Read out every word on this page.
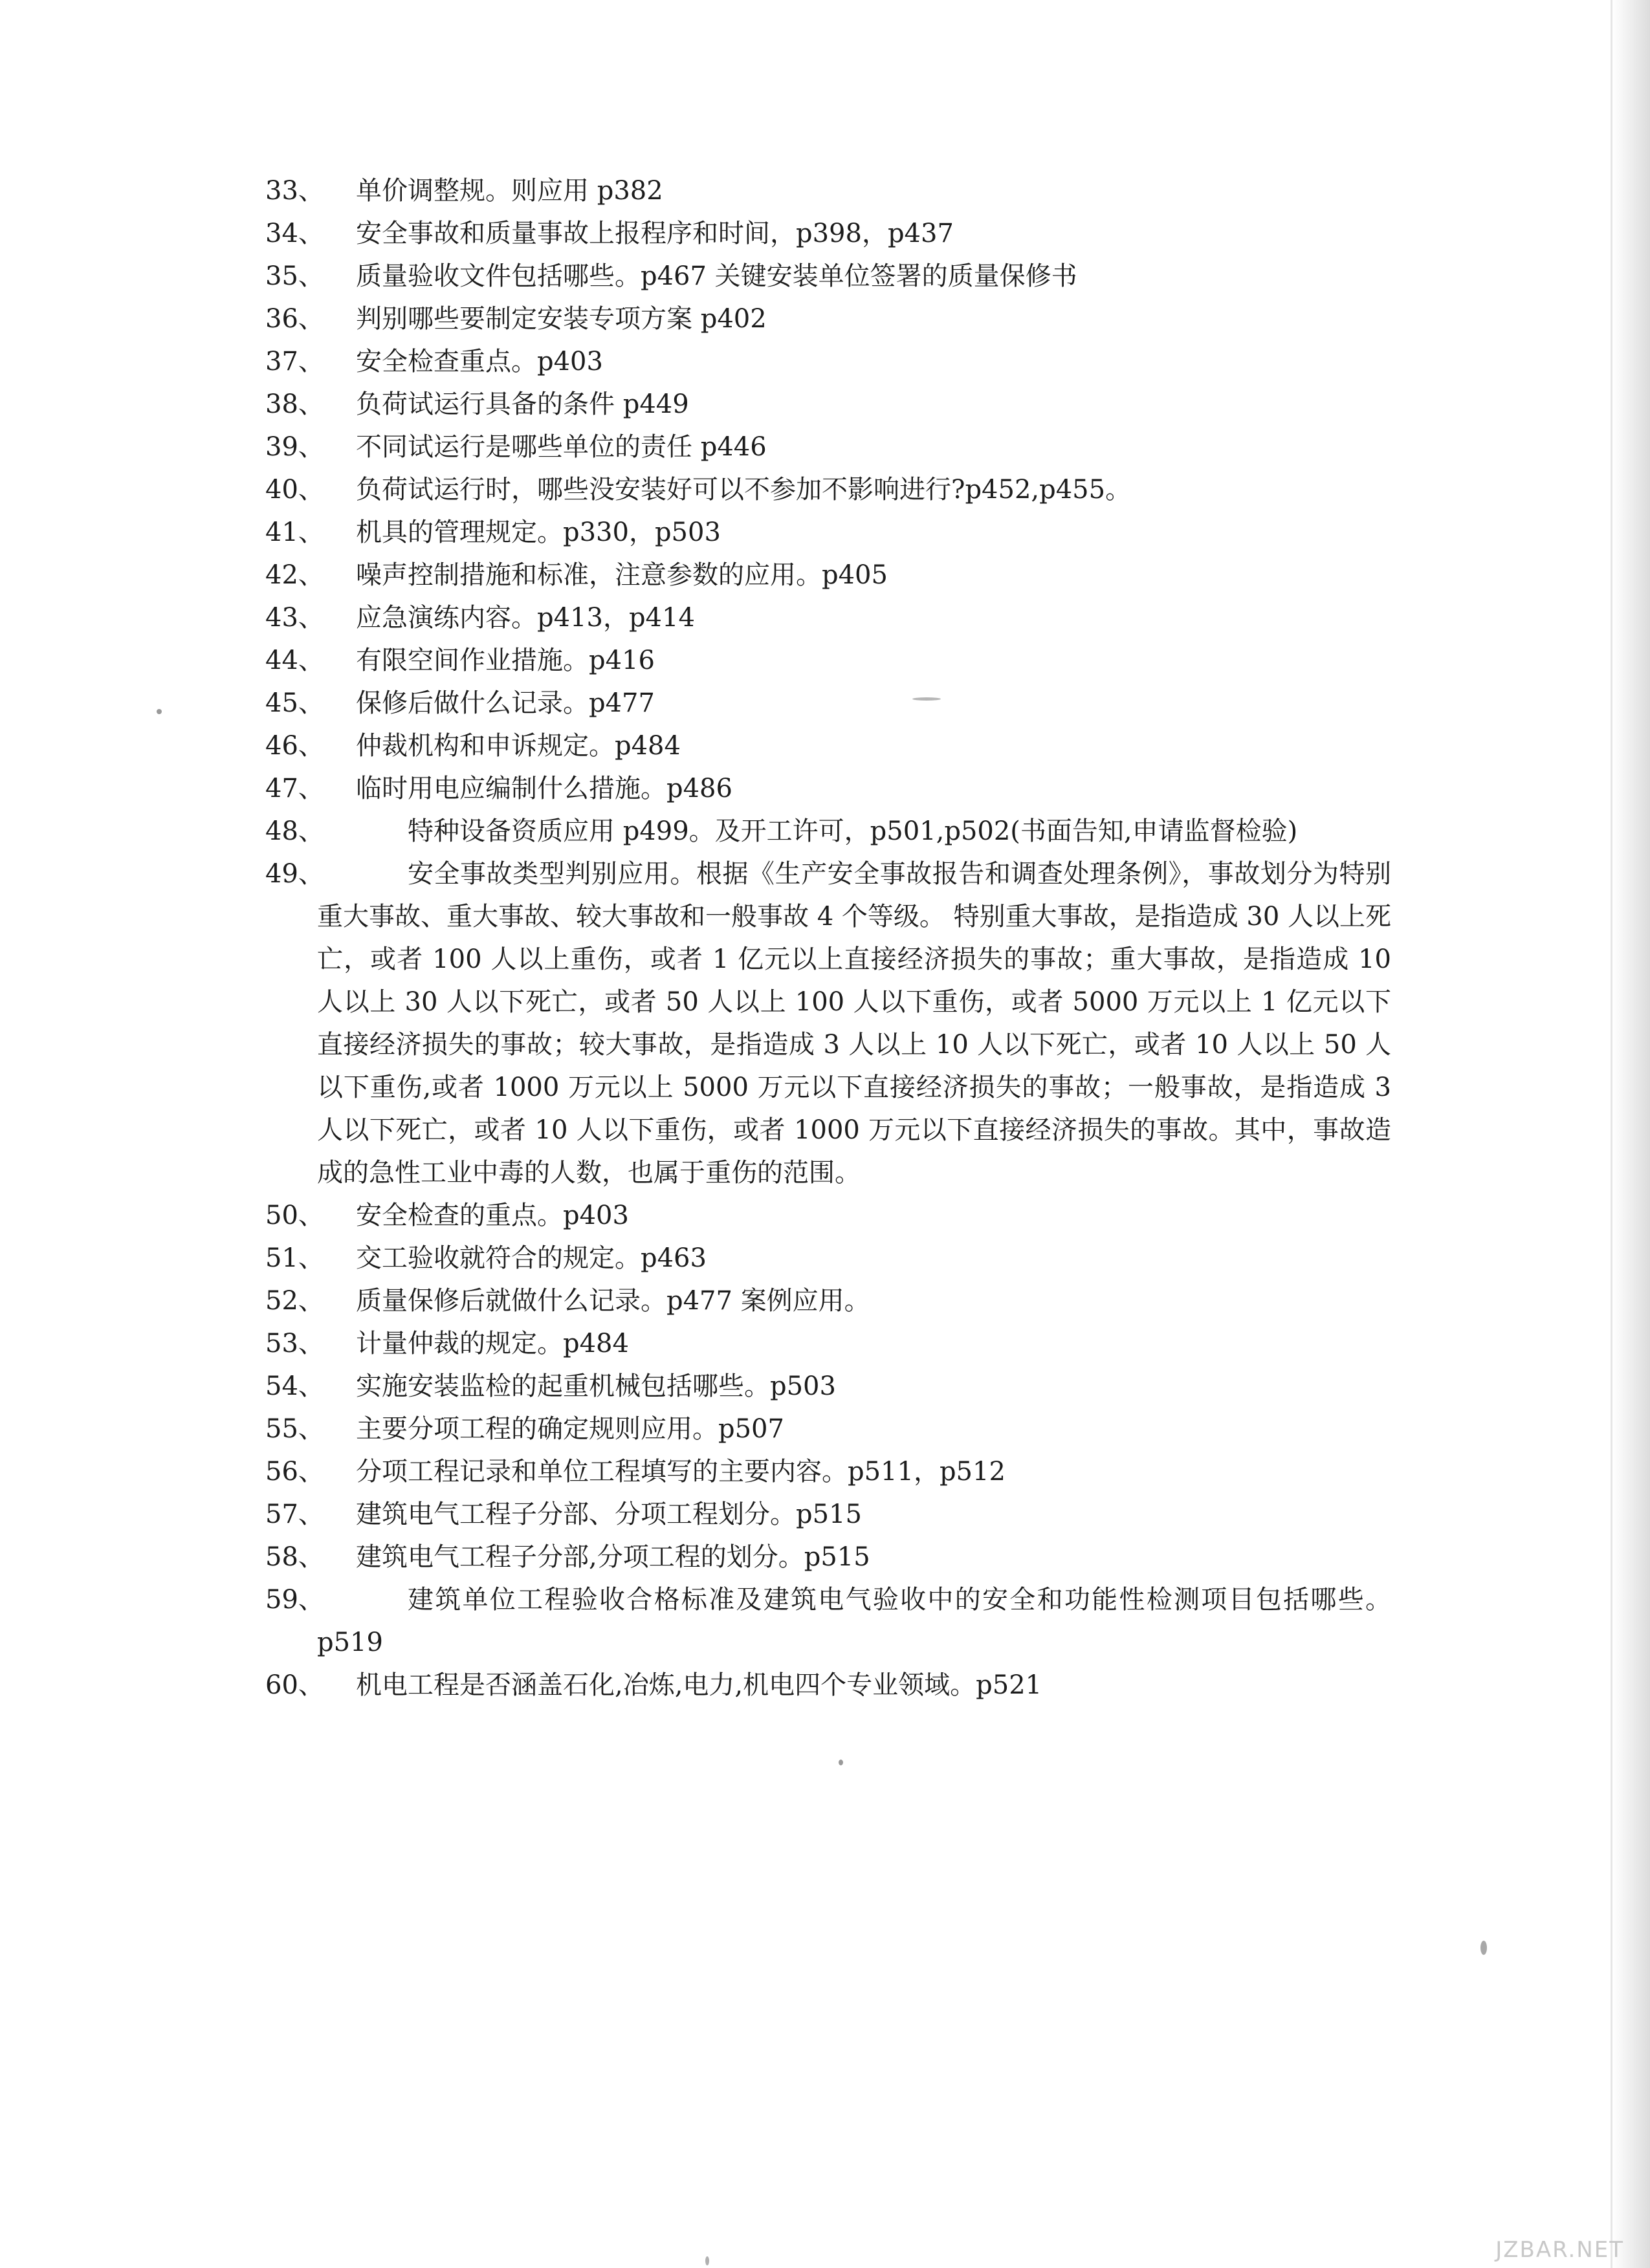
33、	单价调整规。则应用 p382
34、	安全事故和质量事故上报程序和时间，p398，p437
35、	质量验收文件包括哪些。p467 关键安装单位签署的质量保修书
36、	判别哪些要制定安装专项方案 p402
37、	安全检查重点。p403
38、	负荷试运行具备的条件 p449
39、	不同试运行是哪些单位的责任 p446
40、	负荷试运行时，哪些没安装好可以不参加不影响进行?p452,p455。
41、	机具的管理规定。p330，p503
42、	噪声控制措施和标准，注意参数的应用。p405
43、	应急演练内容。p413，p414
44、	有限空间作业措施。p416
45、	保修后做什么记录。p477
46、	仲裁机构和申诉规定。p484
47、	临时用电应编制什么措施。p486
48、	特种设备资质应用 p499。及开工许可，p501,p502(书面告知,申请监督检验)
49、	安全事故类型判别应用。根据《生产安全事故报告和调查处理条例》，事故划分为特别重大事故、重大事故、较大事故和一般事故 4 个等级。 特别重大事故，是指造成 30 人以上死亡，或者 100 人以上重伤，或者 1 亿元以上直接经济损失的事故；重大事故，是指造成 10 人以上 30 人以下死亡，或者 50 人以上 100 人以下重伤，或者 5000 万元以上 1 亿元以下直接经济损失的事故；较大事故，是指造成 3 人以上 10 人以下死亡，或者 10 人以上 50 人以下重伤,或者 1000 万元以上 5000 万元以下直接经济损失的事故；一般事故，是指造成 3 人以下死亡，或者 10 人以下重伤，或者 1000 万元以下直接经济损失的事故。其中，事故造成的急性工业中毒的人数，也属于重伤的范围。
50、	安全检查的重点。p403
51、	交工验收就符合的规定。p463
52、	质量保修后就做什么记录。p477 案例应用。
53、	计量仲裁的规定。p484
54、	实施安装监检的起重机械包括哪些。p503
55、	主要分项工程的确定规则应用。p507
56、	分项工程记录和单位工程填写的主要内容。p511，p512
57、	建筑电气工程子分部、分项工程划分。p515
58、	建筑电气工程子分部,分项工程的划分。p515
59、	建筑单位工程验收合格标准及建筑电气验收中的安全和功能性检测项目包括哪些。p519
60、	机电工程是否涵盖石化,冶炼,电力,机电四个专业领域。p521
JZBAR.NET
